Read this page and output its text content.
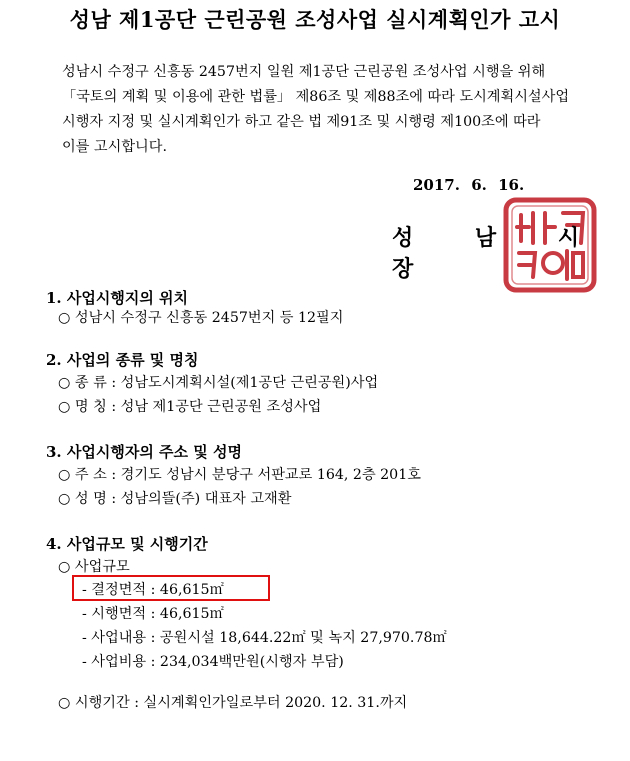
성남 제1공단 근린공원 조성사업 실시계획인가 고시

성남시 수정구 신흥동 2457번지 일원 제1공단 근린공원 조성사업 시행을 위해

「국토의 계획 및 이용에 관한 법률」 제86조 및 제88조에 따라 도시계획시설사업

시행자 지정 및 실시계획인가 하고 같은 법 제91조 및 시행령 제100조에 따라

이를 고시합니다.

2017. 6. 16.
성 남 시 장
1. 사업시행지의 위치
○ 성남시 수정구 신흥동 2457번지 등 12필지
2. 사업의 종류 및 명칭
○ 종 류 : 성남도시계획시설(제1공단 근린공원)사업
○ 명 칭 : 성남 제1공단 근린공원 조성사업
3. 사업시행자의 주소 및 성명
○ 주 소 : 경기도 성남시 분당구 서판교로 164, 2층 201호
○ 성 명 : 성남의뜰(주) 대표자 고재환
4. 사업규모 및 시행기간
○ 사업규모
- 결정면적 : 46,615㎡
- 시행면적 : 46,615㎡
- 사업내용 : 공원시설 18,644.22㎡ 및 녹지 27,970.78㎡
- 사업비용 : 234,034백만원(시행자 부담)
○ 시행기간 : 실시계획인가일로부터 2020. 12. 31.까지
